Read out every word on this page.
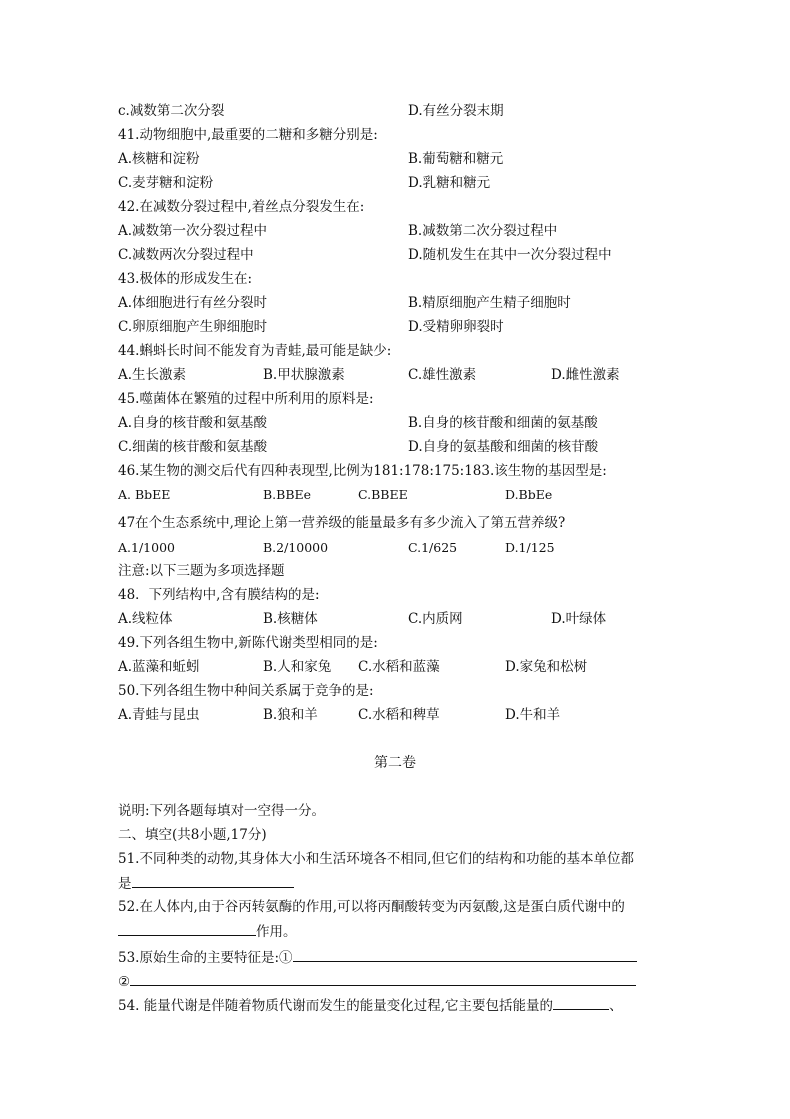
c.减数第二次分裂	D.有丝分裂末期
41.动物细胞中,最重要的二糖和多糖分别是:
A.核糖和淀粉	B.葡萄糖和糖元
C.麦芽糖和淀粉	D.乳糖和糖元
42.在减数分裂过程中,着丝点分裂发生在:
A.减数第一次分裂过程中	B.减数第二次分裂过程中
C.减数两次分裂过程中	D.随机发生在其中一次分裂过程中
43.极体的形成发生在:
A.体细胞进行有丝分裂时	B.精原细胞产生精子细胞时
C.卵原细胞产生卵细胞时	D.受精卵卵裂时
44.蝌蚪长时间不能发育为青蛙,最可能是缺少:
A.生长激素	B.甲状腺激素	C.雄性激素	D.雌性激素
45.噬菌体在繁殖的过程中所利用的原料是:
A.自身的核苷酸和氨基酸	B.自身的核苷酸和细菌的氨基酸
C.细菌的核苷酸和氨基酸	D.自身的氨基酸和细菌的核苷酸
46.某生物的测交后代有四种表现型,比例为181:178:175:183.该生物的基因型是:
A. BbEE	B.BBEe	C.BBEE	D.BbEe
47在个生态系统中,理论上第一营养级的能量最多有多少流入了第五营养级?
A.1/1000	B.2/10000	C.1/625	D.1/125
注意:以下三题为多项选择题
48．下列结构中,含有膜结构的是:
A.线粒体	B.核糖体	C.内质网	D.叶绿体
49.下列各组生物中,新陈代谢类型相同的是:
A.蓝藻和蚯蚓	B.人和家兔 C.水稻和蓝藻	D.家兔和松树
50.下列各组生物中种间关系属于竞争的是:
A.青蛙与昆虫	B.狼和羊	C.水稻和稗草	D.牛和羊
第二卷
说明:下列各题每填对一空得一分。
二、填空(共8小题,17分)
51.不同种类的动物,其身体大小和生活环境各不相同,但它们的结构和功能的基本单位都
是
52.在人体内,由于谷丙转氨酶的作用,可以将丙酮酸转变为丙氨酸,这是蛋白质代谢中的
作用。
53.原始生命的主要特征是:①
②
54. 能量代谢是伴随着物质代谢而发生的能量变化过程,它主要包括能量的	、
